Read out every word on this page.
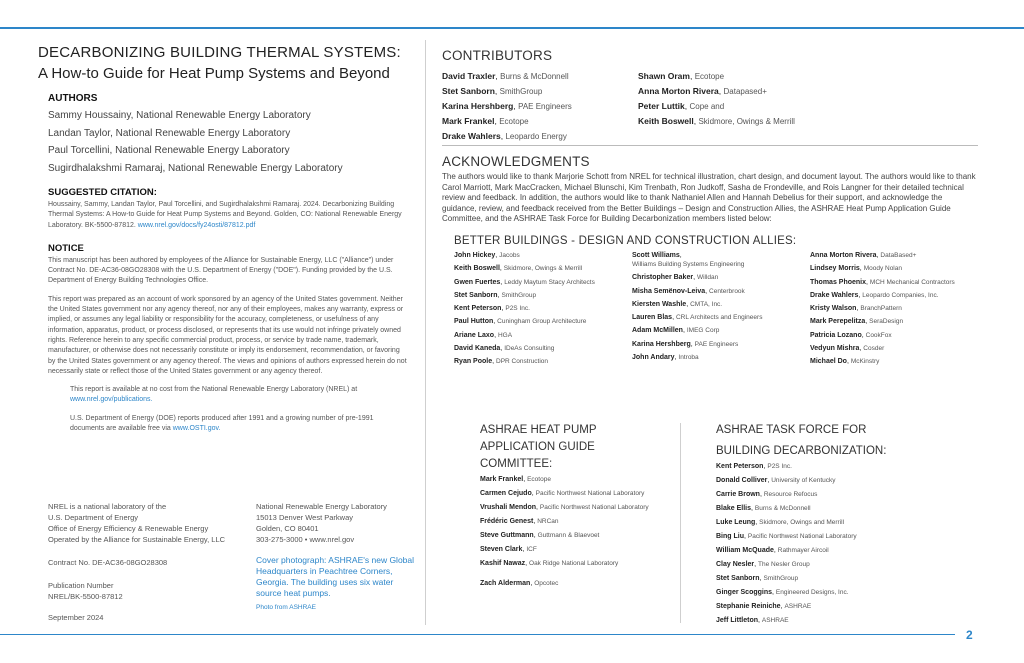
DECARBONIZING BUILDING THERMAL SYSTEMS:
A How-to Guide for Heat Pump Systems and Beyond
AUTHORS
Sammy Houssainy, National Renewable Energy Laboratory
Landan Taylor, National Renewable Energy Laboratory
Paul Torcellini, National Renewable Energy Laboratory
Sugirdhalakshmi Ramaraj, National Renewable Energy Laboratory
SUGGESTED CITATION:
Houssainy, Sammy, Landan Taylor, Paul Torcellini, and Sugirdhalakshmi Ramaraj. 2024. Decarbonizing Building Thermal Systems: A How-to Guide for Heat Pump Systems and Beyond. Golden, CO: National Renewable Energy Laboratory. BK-5500-87812. www.nrel.gov/docs/fy24osti/87812.pdf
NOTICE

This manuscript has been authored by employees of the Alliance for Sustainable Energy, LLC ("Alliance") under Contract No. DE-AC36-08GO28308 with the U.S. Department of Energy ("DOE"). Funding provided by the U.S. Department of Energy Building Technologies Office.

This report was prepared as an account of work sponsored by an agency of the United States government. Neither the United States government nor any agency thereof, nor any of their employees, makes any warranty, express or implied, or assumes any legal liability or responsibility for the accuracy, completeness, or usefulness of any information, apparatus, product, or process disclosed, or represents that its use would not infringe privately owned rights. Reference herein to any specific commercial product, process, or service by trade name, trademark, manufacturer, or otherwise does not necessarily constitute or imply its endorsement, recommendation, or favoring by the United States government or any agency thereof. The views and opinions of authors expressed herein do not necessarily state or reflect those of the United States government or any agency thereof.

This report is available at no cost from the National Renewable Energy Laboratory (NREL) at www.nrel.gov/publications.
U.S. Department of Energy (DOE) reports produced after 1991 and a growing number of pre-1991 documents are available free via www.OSTI.gov.
NREL is a national laboratory of the
U.S. Department of Energy
Office of Energy Efficiency & Renewable Energy
Operated by the Alliance for Sustainable Energy, LLC
Contract No. DE-AC36-08GO28308
Publication Number
NREL/BK-5500-87812
September 2024
National Renewable Energy Laboratory
15013 Denver West Parkway
Golden, CO 80401
303-275-3000 • www.nrel.gov
Cover photograph: ASHRAE's new Global Headquarters in Peachtree Corners, Georgia. The building uses six water source heat pumps.
Photo from ASHRAE
CONTRIBUTORS
David Traxler, Burns & McDonnell
Stet Sanborn, SmithGroup
Karina Hershberg, PAE Engineers
Mark Frankel, Ecotope
Drake Wahlers, Leopardo Energy
Shawn Oram, Ecotope
Anna Morton Rivera, Datapased+
Peter Luttik, Cope and
Keith Boswell, Skidmore, Owings & Merrill
ACKNOWLEDGMENTS
The authors would like to thank Marjorie Schott from NREL for technical illustration, chart design, and document layout. The authors would like to thank Carol Marriott, Mark MacCracken, Michael Blunschi, Kim Trenbath, Ron Judkoff, Sasha de Frondeville, and Rois Langner for their detailed technical review and feedback. In addition, the authors would like to thank Nathaniel Allen and Hannah Debelius for their support, and acknowledge the guidance, review, and feedback received from the Better Buildings – Design and Construction Allies, the ASHRAE Heat Pump Application Guide Committee, and the ASHRAE Task Force for Building Decarbonization members listed below:
BETTER BUILDINGS - DESIGN AND CONSTRUCTION ALLIES:
John Hickey, Jacobs
Keith Boswell, Skidmore, Owings & Merrill
Gwen Fuertes, Leddy Maytum Stacy Architects
Stet Sanborn, SmithGroup
Kent Peterson, P2S Inc.
Paul Hutton, Cuningham Group Architecture
Ariane Laxo, HGA
David Kaneda, IDeAs Consulting
Ryan Poole, DPR Construction
Scott Williams,
Williams Building Systems Engineering
Christopher Baker, Willdan
Misha Semënov-Leiva, Centerbrook
Kiersten Washle, CMTA, Inc.
Lauren Blas, CRL Architects and Engineers
Adam McMillen, IMEG Corp
Karina Hershberg, PAE Engineers
John Andary, Introba
Anna Morton Rivera, DataBased+
Lindsey Morris, Moody Nolan
Thomas Phoenix, MCH Mechanical Contractors
Drake Wahlers, Leopardo Companies, Inc.
Kristy Walson, BranchPattern
Mark Perepelitza, SeraDesign
Patricia Lozano, CookFox
Vedyun Mishra, Cosder
Michael Do, McKinstry
ASHRAE HEAT PUMP
APPLICATION GUIDE
COMMITTEE:
Mark Frankel, Ecotope
Carmen Cejudo, Pacific Northwest National Laboratory
Vrushali Mendon, Pacific Northwest National Laboratory
Frédéric Genest, NRCan
Steve Guttmann, Guttmann & Blaevoet
Steven Clark, ICF
Kashif Nawaz, Oak Ridge National Laboratory
Zach Alderman, Opcotec
ASHRAE TASK FORCE FOR
BUILDING DECARBONIZATION:
Kent Peterson, P2S Inc.
Donald Colliver, University of Kentucky
Carrie Brown, Resource Refocus
Blake Ellis, Burns & McDonnell
Luke Leung, Skidmore, Owings and Merrill
Bing Liu, Pacific Northwest National Laboratory
William McQuade, Rathmayer Aircoil
Clay Nesler, The Nesler Group
Stet Sanborn, SmithGroup
Ginger Scoggins, Engineered Designs, Inc.
Stephanie Reiniche, ASHRAE
Jeff Littleton, ASHRAE
2
